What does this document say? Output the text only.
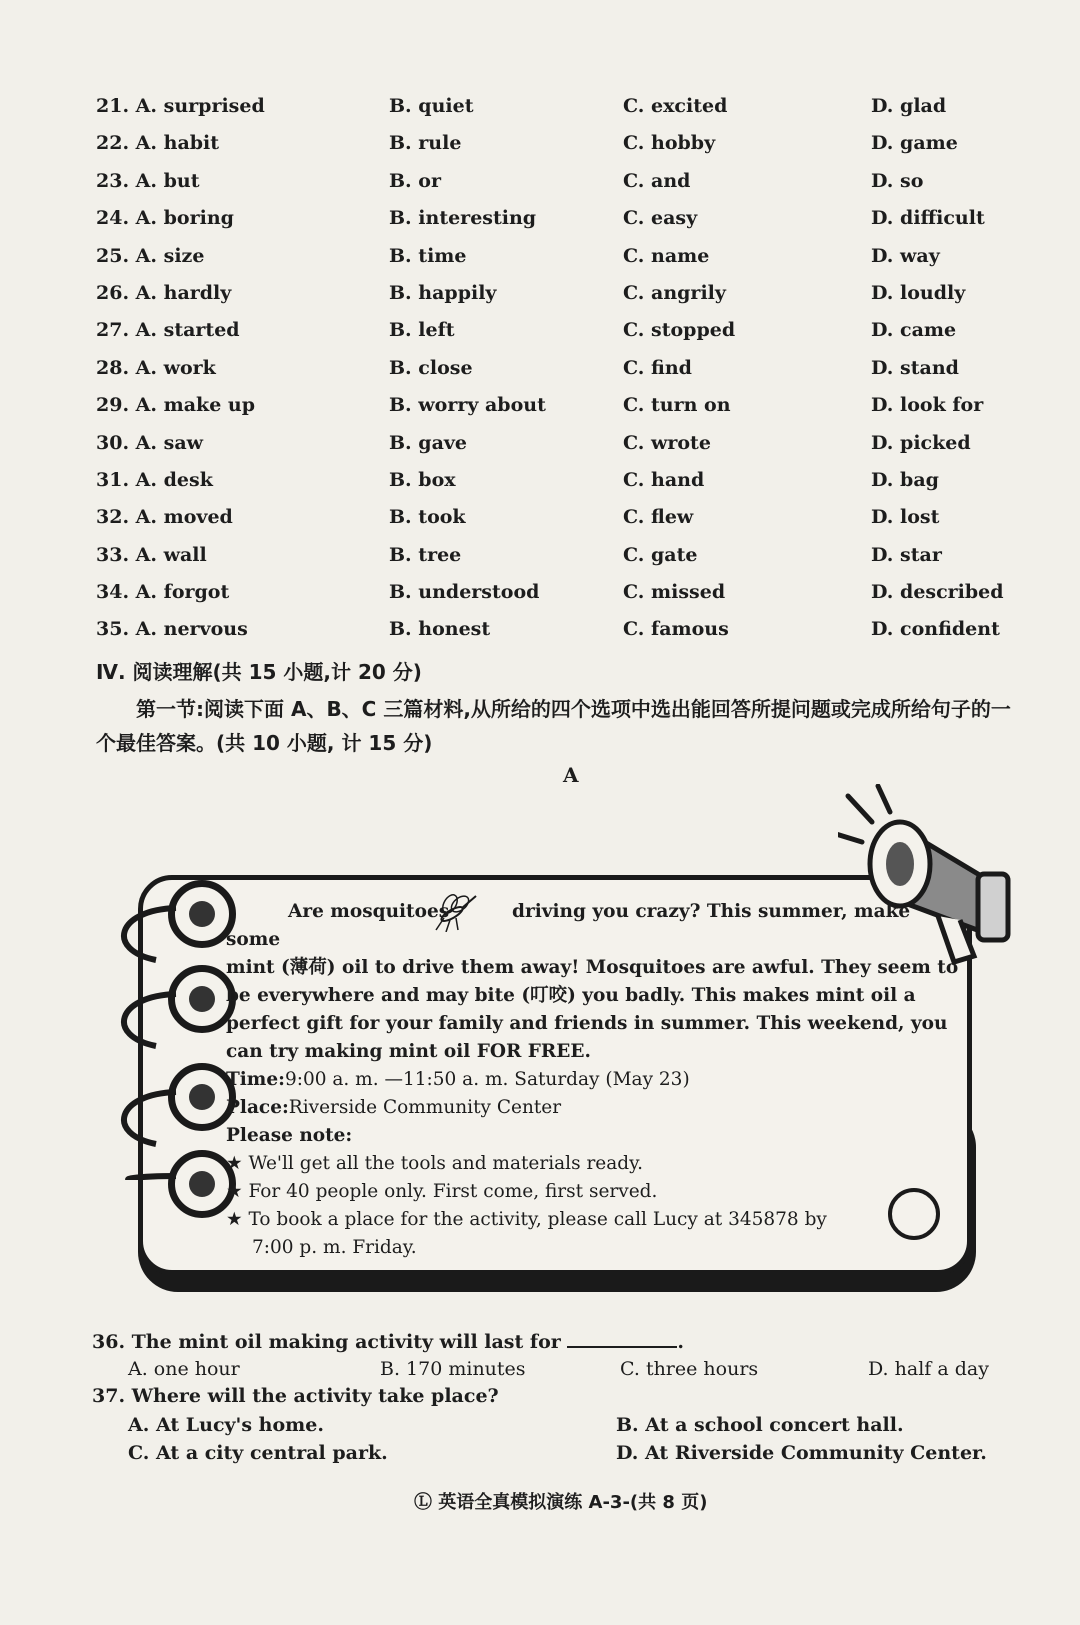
21. A. surprised	B. quiet	C. excited	D. glad
22. A. habit	B. rule	C. hobby	D. game
23. A. but	B. or	C. and	D. so
24. A. boring	B. interesting	C. easy	D. difficult
25. A. size	B. time	C. name	D. way
26. A. hardly	B. happily	C. angrily	D. loudly
27. A. started	B. left	C. stopped	D. came
28. A. work	B. close	C. find	D. stand
29. A. make up	B. worry about	C. turn on	D. look for
30. A. saw	B. gave	C. wrote	D. picked
31. A. desk	B. box	C. hand	D. bag
32. A. moved	B. took	C. flew	D. lost
33. A. wall	B. tree	C. gate	D. star
34. A. forgot	B. understood	C. missed	D. described
35. A. nervous	B. honest	C. famous	D. confident
Ⅳ. 阅读理解(共 15 小题,计 20 分)
第一节:阅读下面 A、B、C 三篇材料,从所给的四个选项中选出能回答所提问题或完成所给句子的一个最佳答案。(共 10 小题, 计 15 分)
A

Are mosquitoes	driving you crazy? This summer, make some

mint (薄荷) oil to drive them away! Mosquitoes are awful. They seem to be everywhere and may bite (叮咬) you badly. This makes mint oil a perfect gift for your family and friends in summer. This weekend, you can try making mint oil FOR FREE.

Time:9:00 a. m. —11:50 a. m. Saturday (May 23)

Place:Riverside Community Center

Please note:

★ We'll get all the tools and materials ready.

★ For 40 people only. First come, first served.

★ To book a place for the activity, please call Lucy at 345878 by

7:00 p. m. Friday.

36. The mint oil making activity will last for	.
A. one hour	B. 170 minutes	C. three hours	D. half a day
37. Where will the activity take place?
A. At Lucy's home.	B. At a school concert hall.
C. At a city central park.	D. At Riverside Community Center.
Ⓛ 英语全真模拟演练 A-3-(共 8 页)
